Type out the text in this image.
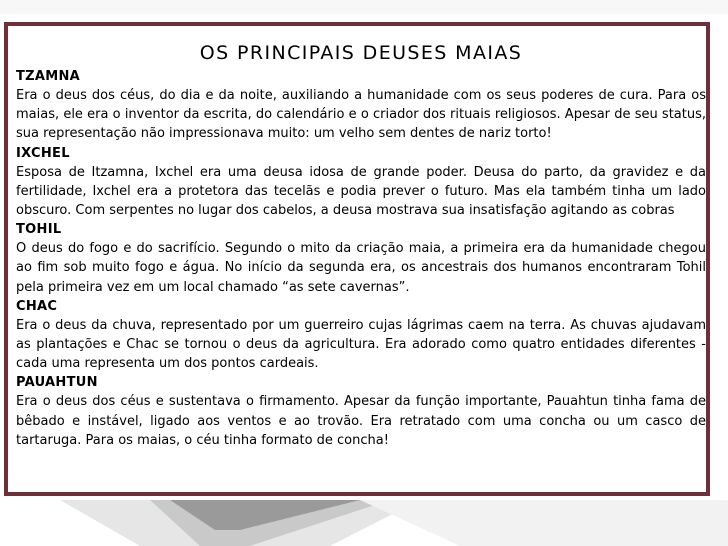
OS PRINCIPAIS DEUSES MAIAS
TZAMNA

Era o deus dos céus, do dia e da noite, auxiliando a humanidade com os seus poderes de cura. Para os maias, ele era o inventor da escrita, do calendário e o criador dos rituais religiosos. Apesar de seu status, sua representação não impressionava muito: um velho sem dentes de nariz torto!

IXCHEL

Esposa de Itzamna, Ixchel era uma deusa idosa de grande poder. Deusa do parto, da gravidez e da fertilidade, Ixchel era a protetora das tecelãs e podia prever o futuro. Mas ela também tinha um lado obscuro. Com serpentes no lugar dos cabelos, a deusa mostrava sua insatisfação agitando as cobras

TOHIL

O deus do fogo e do sacrifício. Segundo o mito da criação maia, a primeira era da humanidade chegou ao fim sob muito fogo e água. No início da segunda era, os ancestrais dos humanos encontraram Tohil pela primeira vez em um local chamado “as sete cavernas”.

CHAC

Era o deus da chuva, representado por um guerreiro cujas lágrimas caem na terra. As chuvas ajudavam as plantações e Chac se tornou o deus da agricultura. Era adorado como quatro entidades diferentes - cada uma representa um dos pontos cardeais.

PAUAHTUN

Era o deus dos céus e sustentava o firmamento. Apesar da função importante, Pauahtun tinha fama de bêbado e instável, ligado aos ventos e ao trovão. Era retratado com uma concha ou um casco de tartaruga. Para os maias, o céu tinha formato de concha!
